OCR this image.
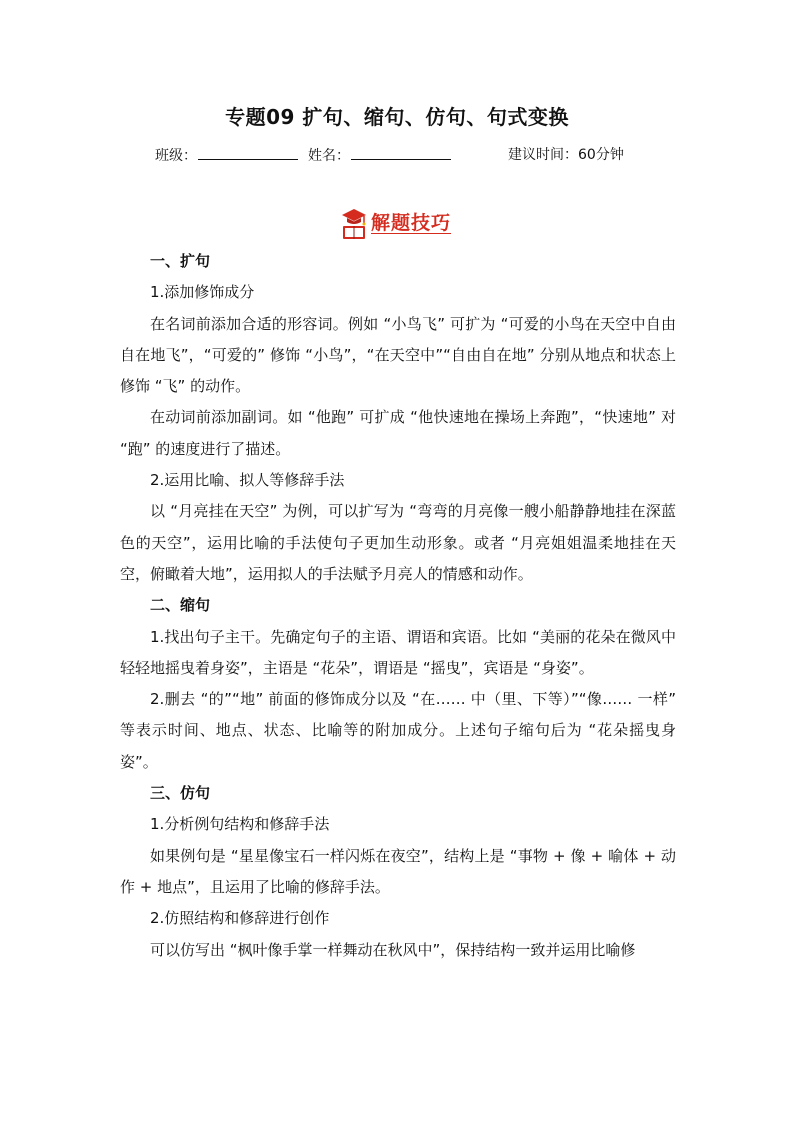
专题09 扩句、缩句、仿句、句式变换
班级：	姓名：	建议时间：60分钟
解题技巧

一、扩句

1.添加修饰成分

在名词前添加合适的形容词。例如 “小鸟飞” 可扩为 “可爱的小鸟在天空中自由自在地飞”，“可爱的” 修饰 “小鸟”，“在天空中”“自由自在地” 分别从地点和状态上修饰 “飞” 的动作。

在动词前添加副词。如 “他跑” 可扩成 “他快速地在操场上奔跑”，“快速地” 对 “跑” 的速度进行了描述。

2.运用比喻、拟人等修辞手法

以 “月亮挂在天空” 为例，可以扩写为 “弯弯的月亮像一艘小船静静地挂在深蓝色的天空”，运用比喻的手法使句子更加生动形象。或者 “月亮姐姐温柔地挂在天空，俯瞰着大地”，运用拟人的手法赋予月亮人的情感和动作。

二、缩句

1.找出句子主干。先确定句子的主语、谓语和宾语。比如 “美丽的花朵在微风中轻轻地摇曳着身姿”，主语是 “花朵”，谓语是 “摇曳”，宾语是 “身姿”。

2.删去 “的”“地” 前面的修饰成分以及 “在…… 中（里、下等）”“像…… 一样” 等表示时间、地点、状态、比喻等的附加成分。上述句子缩句后为 “花朵摇曳身姿”。

三、仿句

1.分析例句结构和修辞手法

如果例句是 “星星像宝石一样闪烁在夜空”，结构上是 “事物 + 像 + 喻体 + 动作 + 地点”，且运用了比喻的修辞手法。

2.仿照结构和修辞进行创作

可以仿写出 “枫叶像手掌一样舞动在秋风中”，保持结构一致并运用比喻修
